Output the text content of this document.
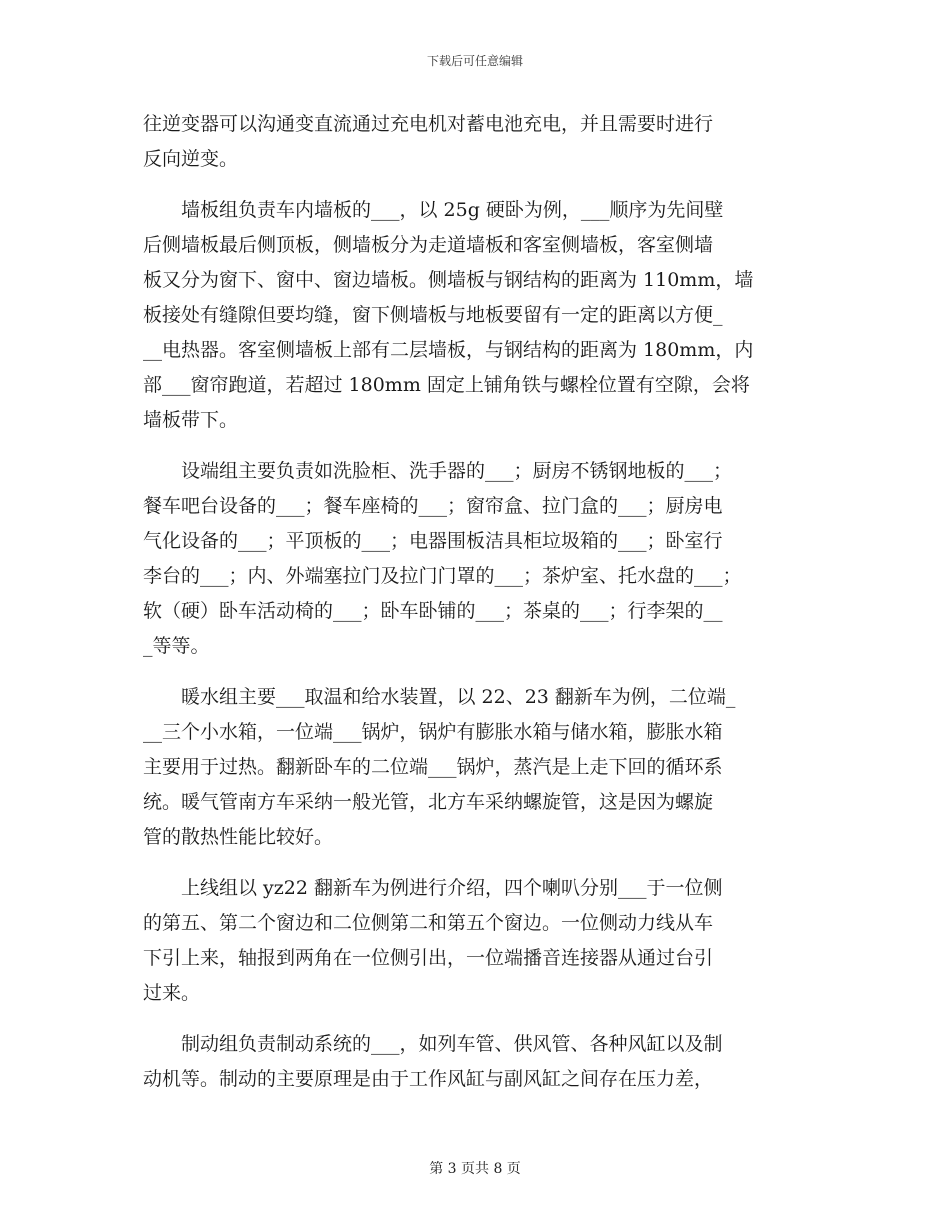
下载后可任意编辑
往逆变器可以沟通变直流通过充电机对蓄电池充电，并且需要时进行
反向逆变。
　　墙板组负责车内墙板的___，以 25g 硬卧为例，___顺序为先间壁
后侧墙板最后侧顶板，侧墙板分为走道墙板和客室侧墙板，客室侧墙
板又分为窗下、窗中、窗边墙板。侧墙板与钢结构的距离为 110mm，墙
板接处有缝隙但要均缝，窗下侧墙板与地板要留有一定的距离以方便_
__电热器。客室侧墙板上部有二层墙板，与钢结构的距离为 180mm，内
部___窗帘跑道，若超过 180mm 固定上铺角铁与螺栓位置有空隙，会将
墙板带下。
　　设端组主要负责如洗脸柜、洗手器的___；厨房不锈钢地板的___；
餐车吧台设备的___；餐车座椅的___；窗帘盒、拉门盒的___；厨房电
气化设备的___；平顶板的___；电器围板洁具柜垃圾箱的___；卧室行
李台的___；内、外端塞拉门及拉门门罩的___；茶炉室、托水盘的___；
软（硬）卧车活动椅的___；卧车卧铺的___；茶桌的___；行李架的__
_等等。
　　暖水组主要___取温和给水装置，以 22、23 翻新车为例，二位端_
__三个小水箱，一位端___锅炉，锅炉有膨胀水箱与储水箱，膨胀水箱
主要用于过热。翻新卧车的二位端___锅炉，蒸汽是上走下回的循环系
统。暖气管南方车采纳一般光管，北方车采纳螺旋管，这是因为螺旋
管的散热性能比较好。
　　上线组以 yz22 翻新车为例进行介绍，四个喇叭分别___于一位侧
的第五、第二个窗边和二位侧第二和第五个窗边。一位侧动力线从车
下引上来，轴报到两角在一位侧引出，一位端播音连接器从通过台引
过来。
　　制动组负责制动系统的___，如列车管、供风管、各种风缸以及制
动机等。制动的主要原理是由于工作风缸与副风缸之间存在压力差，
第 3 页共 8 页
